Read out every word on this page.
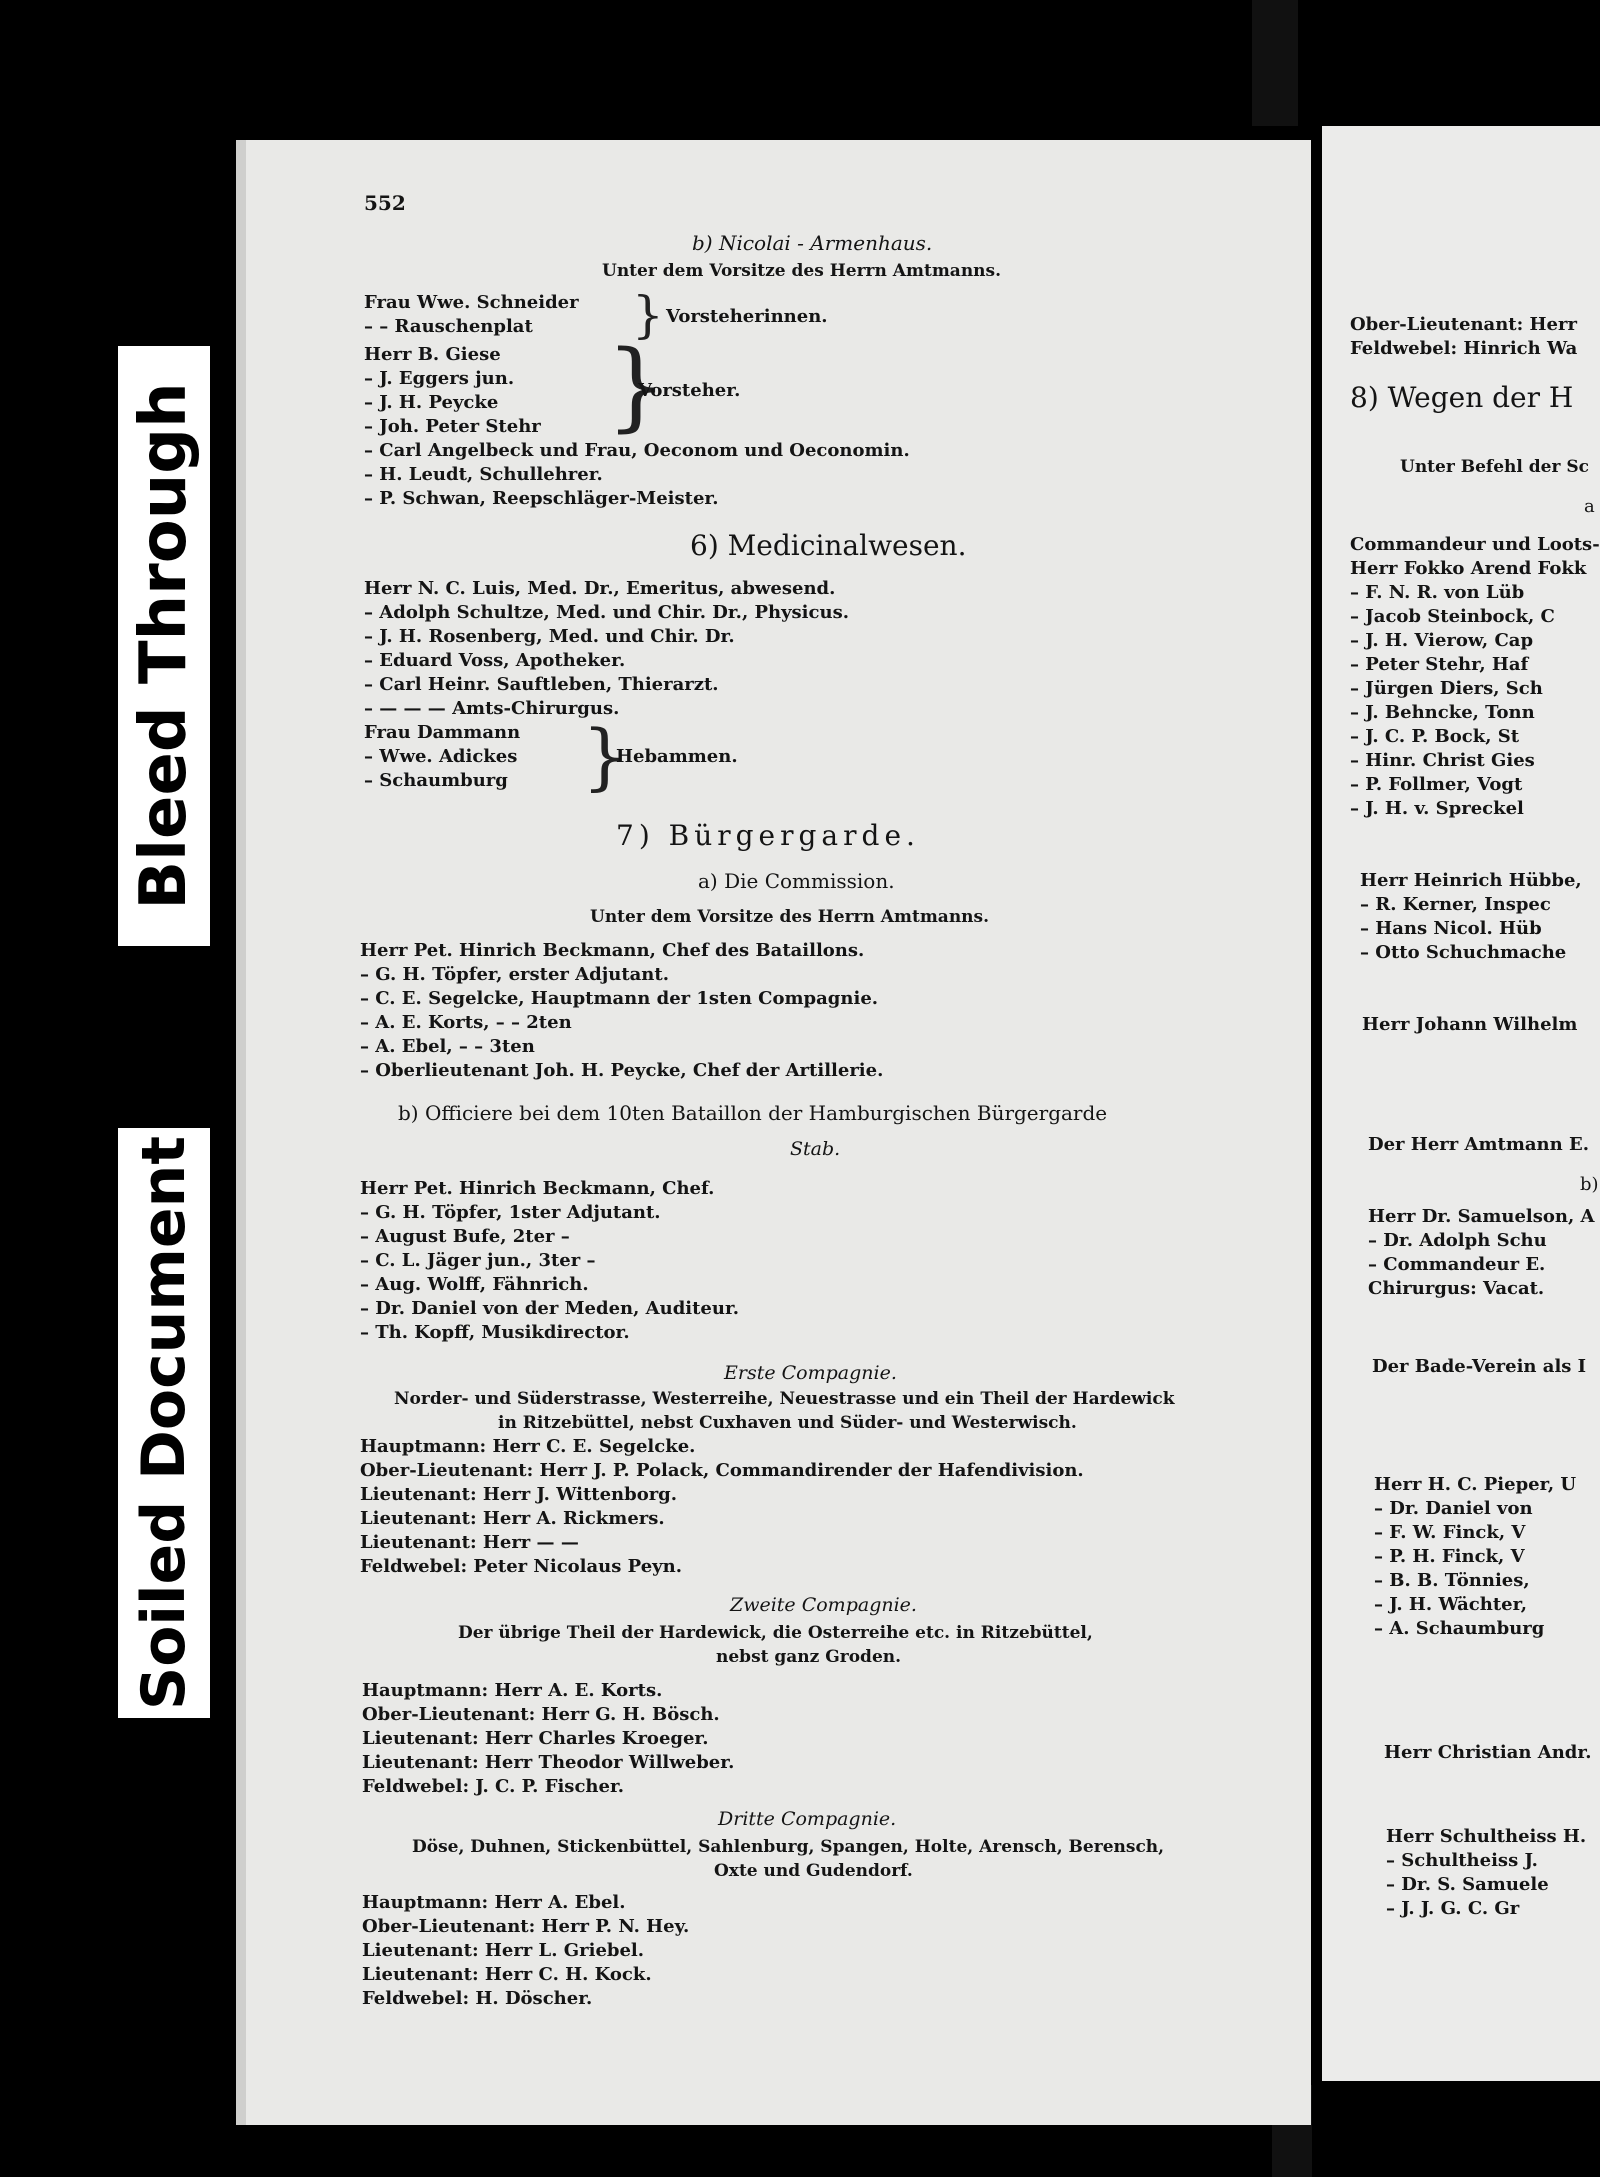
Bleed Through
Soiled Document
552
b) Nicolai - Armenhaus.
Unter dem Vorsitze des Herrn Amtmanns.
Frau Wwe. Schneider
– – Rauschenplat } Vorsteherinnen.
Herr B. Giese
– J. Eggers jun.
– J. H. Peycke
– Joh. Peter Stehr }
Vorsteher.
– Carl Angelbeck und Frau, Oeconom und Oeconomin.
– H. Leudt, Schullehrer.
– P. Schwan, Reepschläger-Meister.
6) Medicinalwesen.
Herr N. C. Luis, Med. Dr., Emeritus, abwesend.
– Adolph Schultze, Med. und Chir. Dr., Physicus.
– J. H. Rosenberg, Med. und Chir. Dr.
– Eduard Voss, Apotheker.
– Carl Heinr. Sauftleben, Thierarzt.
– — — — Amts-Chirurgus.
Frau Dammann
– Wwe. Adickes
– Schaumburg }
Hebammen.
7) Bürgergarde.
a) Die Commission.
Unter dem Vorsitze des Herrn Amtmanns.
Herr Pet. Hinrich Beckmann, Chef des Bataillons.
– G. H. Töpfer, erster Adjutant.
– C. E. Segelcke, Hauptmann der 1sten Compagnie.
– A. E. Korts, – – 2ten
– A. Ebel, – – 3ten
– Oberlieutenant Joh. H. Peycke, Chef der Artillerie.
b) Officiere bei dem 10ten Bataillon der Hamburgischen Bürgergarde
Stab.
Herr Pet. Hinrich Beckmann, Chef.
– G. H. Töpfer, 1ster Adjutant.
– August Bufe, 2ter –
– C. L. Jäger jun., 3ter –
– Aug. Wolff, Fähnrich.
– Dr. Daniel von der Meden, Auditeur.
– Th. Kopff, Musikdirector.
Erste Compagnie.
Norder- und Süderstrasse, Westerreihe, Neuestrasse und ein Theil der Hardewick
in Ritzebüttel, nebst Cuxhaven und Süder- und Westerwisch.
Hauptmann: Herr C. E. Segelcke.
Ober-Lieutenant: Herr J. P. Polack, Commandirender der Hafendivision.
Lieutenant: Herr J. Wittenborg.
Lieutenant: Herr A. Rickmers.
Lieutenant: Herr — —
Feldwebel: Peter Nicolaus Peyn.
Zweite Compagnie.
Der übrige Theil der Hardewick, die Osterreihe etc. in Ritzebüttel,
nebst ganz Groden.
Hauptmann: Herr A. E. Korts.
Ober-Lieutenant: Herr G. H. Bösch.
Lieutenant: Herr Charles Kroeger.
Lieutenant: Herr Theodor Willweber.
Feldwebel: J. C. P. Fischer.
Dritte Compagnie.
Döse, Duhnen, Stickenbüttel, Sahlenburg, Spangen, Holte, Arensch, Berensch,
Oxte und Gudendorf.
Hauptmann: Herr A. Ebel.
Ober-Lieutenant: Herr P. N. Hey.
Lieutenant: Herr L. Griebel.
Lieutenant: Herr C. H. Kock.
Feldwebel: H. Döscher.
Ober-Lieutenant: Herr
Feldwebel: Hinrich Wa
8) Wegen der H
Unter Befehl der Sc
a
Commandeur und Loots-
Herr Fokko Arend Fokk
– F. N. R. von Lüb
– Jacob Steinbock, C
– J. H. Vierow, Cap
– Peter Stehr, Haf
– Jürgen Diers, Sch
– J. Behncke, Tonn
– J. C. P. Bock, St
– Hinr. Christ Gies
– P. Follmer, Vogt
– J. H. v. Spreckel
Herr Heinrich Hübbe,
– R. Kerner, Inspec
– Hans Nicol. Hüb
– Otto Schuchmache
Herr Johann Wilhelm
Der Herr Amtmann E.
b)
Herr Dr. Samuelson, A
– Dr. Adolph Schu
– Commandeur E.
Chirurgus: Vacat.
Der Bade-Verein als I
Herr H. C. Pieper, U
– Dr. Daniel von
– F. W. Finck, V
– P. H. Finck, V
– B. B. Tönnies,
– J. H. Wächter,
– A. Schaumburg
Herr Christian Andr.
Herr Schultheiss H.
– Schultheiss J.
– Dr. S. Samuele
– J. J. G. C. Gr
